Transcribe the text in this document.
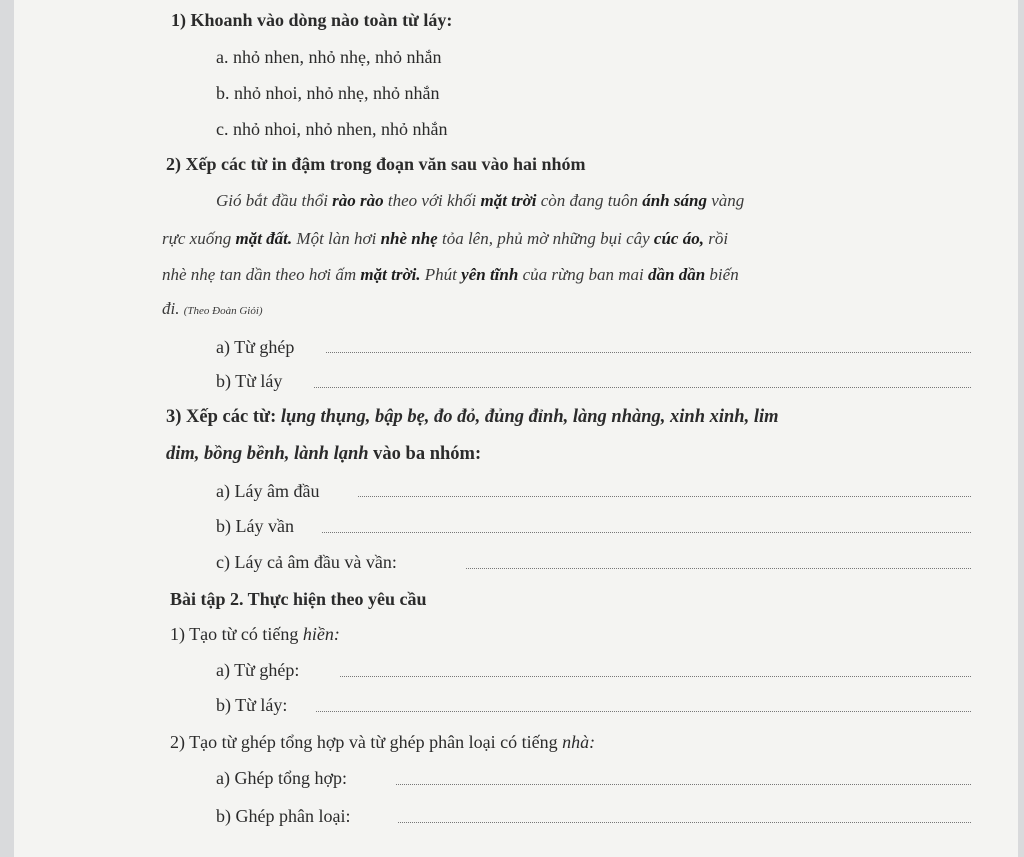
1) Khoanh vào dòng nào toàn từ láy:
a. nhỏ nhen, nhỏ nhẹ, nhỏ nhắn
b. nhỏ nhoi, nhỏ nhẹ, nhỏ nhắn
c. nhỏ nhoi, nhỏ nhen, nhỏ nhắn
2) Xếp các từ in đậm trong đoạn văn sau vào hai nhóm
Gió bắt đầu thổi rào rào theo với khối mặt trời còn đang tuôn ánh sáng vàng
rực xuống mặt đất. Một làn hơi nhè nhẹ tỏa lên, phủ mờ những bụi cây cúc áo, rồi
nhè nhẹ tan dần theo hơi ấm mặt trời. Phút yên tĩnh của rừng ban mai dần dần biến
đi. (Theo Đoàn Giỏi)
a) Từ ghép
b) Từ láy
3) Xếp các từ: lụng thụng, bập bẹ, đo đỏ, đủng đỉnh, làng nhàng, xinh xinh, lim
dim, bồng bềnh, lành lạnh vào ba nhóm:
a) Láy âm đầu
b) Láy vần
c) Láy cả âm đầu và vần:
Bài tập 2. Thực hiện theo yêu cầu
1) Tạo từ có tiếng hiền:
a) Từ ghép:
b) Từ láy:
2) Tạo từ ghép tổng hợp và từ ghép phân loại có tiếng nhà:
a) Ghép tổng hợp:
b) Ghép phân loại:
